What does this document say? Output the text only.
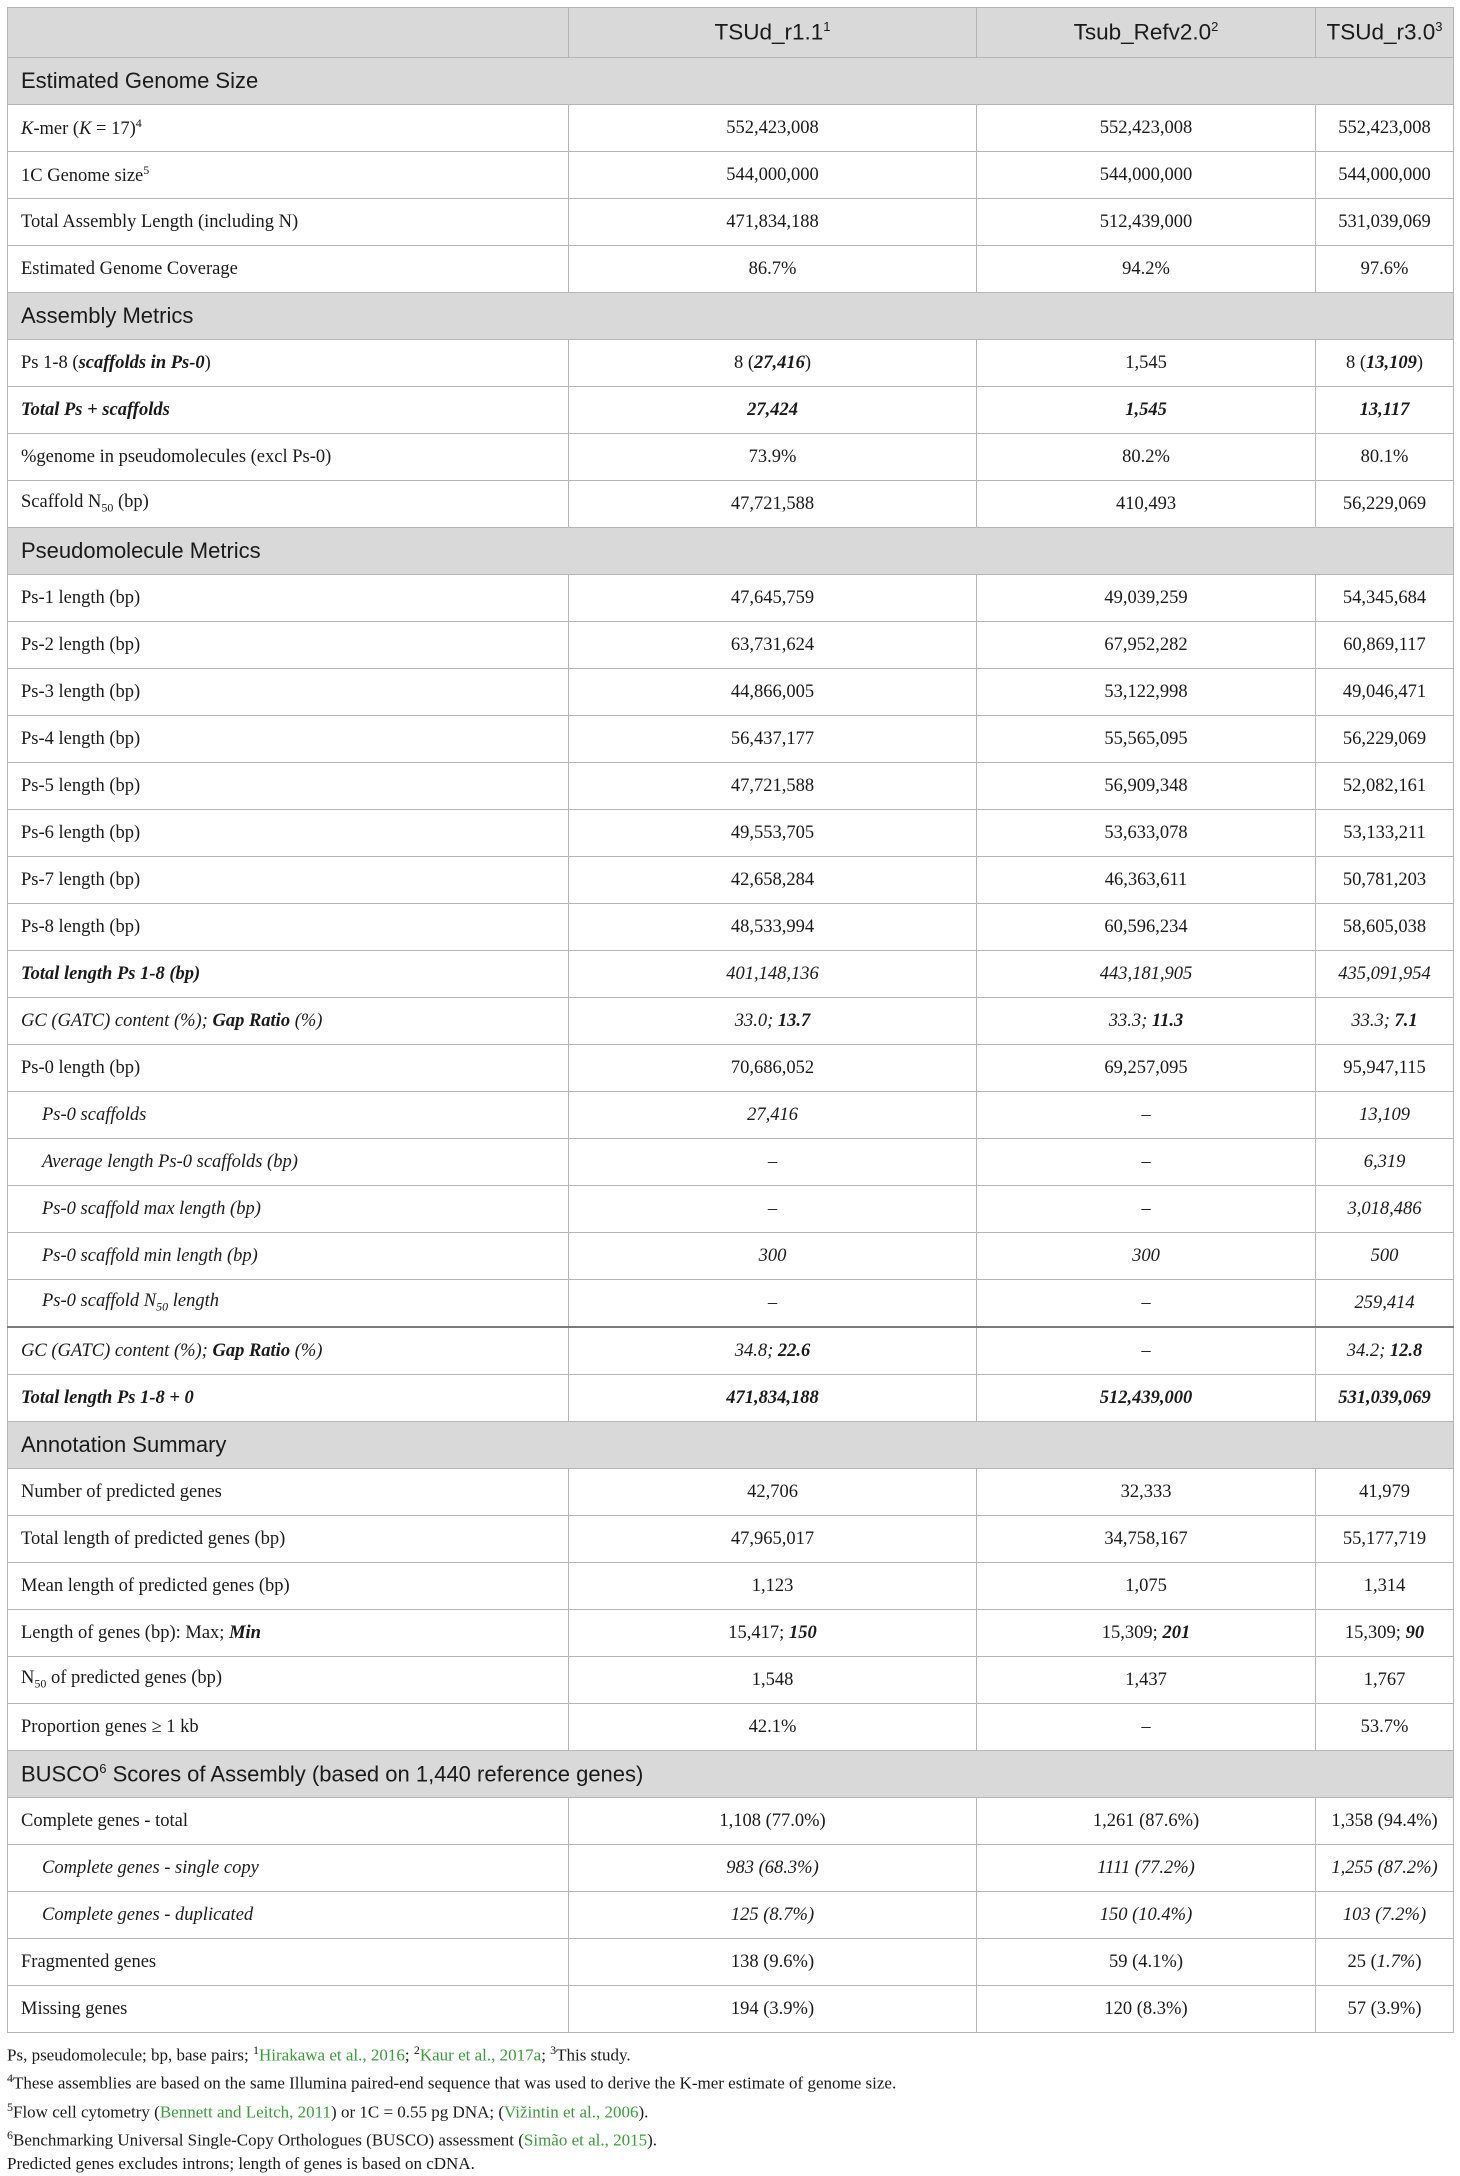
	$TSUd\_r1.1^1$	$Tsub\_Refv2.0^2$	$TSUd\_r3.0^3$
Estimated Genome Size			
K-mer (K = 17)$^4$	552,423,008	552,423,008	552,423,008
1C Genome size$^5$	544,000,000	544,000,000	544,000,000
Total Assembly Length (including N)	471,834,188	512,439,000	531,039,069
Estimated Genome Coverage	86.7%	94.2%	97.6%
Assembly Metrics			
Ps 1-8 (scaffolds in Ps-0)	8 (27,416)	1,545	8 (13,109)
Total Ps + scaffolds	27,424	1,545	13,117
%genome in pseudomolecules (excl Ps-0)	73.9%	80.2%	80.1%
Scaffold $N_{50}$ (bp)	47,721,588	410,493	56,229,069
Pseudomolecule Metrics			
Ps-1 length (bp)	47,645,759	49,039,259	54,345,684
Ps-2 length (bp)	63,731,624	67,952,282	60,869,117
Ps-3 length (bp)	44,866,005	53,122,998	49,046,471
Ps-4 length (bp)	56,437,177	55,565,095	56,229,069
Ps-5 length (bp)	47,721,588	56,909,348	52,082,161
Ps-6 length (bp)	49,553,705	53,633,078	53,133,211
Ps-7 length (bp)	42,658,284	46,363,611	50,781,203
Ps-8 length (bp)	48,533,994	60,596,234	58,605,038
Total length Ps 1-8 (bp)	401,148,136	443,181,905	435,091,954
GC (GATC) content (%); Gap Ratio (%)	33.0; 13.7	33.3; 11.3	33.3; 7.1
Ps-0 length (bp)	70,686,052	69,257,095	95,947,115
Ps-0 scaffolds	27,416	–	13,109
Average length Ps-0 scaffolds (bp)	–	–	6,319
Ps-0 scaffold max length (bp)	–	–	3,018,486
Ps-0 scaffold min length (bp)	300	300	500
Ps-0 scaffold $N_{50}$ length	–	–	259,414
GC (GATC) content (%); Gap Ratio (%)	34.8; 22.6	–	34.2; 12.8
Total length Ps 1-8 + 0	471,834,188	512,439,000	531,039,069
Annotation Summary			
Number of predicted genes	42,706	32,333	41,979
Total length of predicted genes (bp)	47,965,017	34,758,167	55,177,719
Mean length of predicted genes (bp)	1,123	1,075	1,314
Length of genes (bp): Max; Min	15,417; 150	15,309; 201	15,309; 90
$N_{50}$ of predicted genes (bp)	1,548	1,437	1,767
Proportion genes ≥ 1 kb	42.1%	–	53.7%
BUSCO$^6$ Scores of Assembly (based on 1,440 reference genes)			
Complete genes - total	1,108 (77.0%)	1,261 (87.6%)	1,358 (94.4%)
Complete genes - single copy	983 (68.3%)	1111 (77.2%)	1,255 (87.2%)
Complete genes - duplicated	125 (8.7%)	150 (10.4%)	103 (7.2%)
Fragmented genes	138 (9.6%)	59 (4.1%)	25 (1.7%)
Missing genes	194 (3.9%)	120 (8.3%)	57 (3.9%)
Ps, pseudomolecule; bp, base pairs; $^1$Hirakawa et al., 2016; $^2$Kaur et al., 2017a; $^3$This study.
$^4$These assemblies are based on the same Illumina paired-end sequence that was used to derive the K-mer estimate of genome size.
$^5$Flow cell cytometry (Bennett and Leitch, 2011) or 1C = 0.55 pg DNA; (Vižintin et al., 2006).
$^6$Benchmarking Universal Single-Copy Orthologues (BUSCO) assessment (Simão et al., 2015).
Predicted genes excludes introns; length of genes is based on cDNA.
